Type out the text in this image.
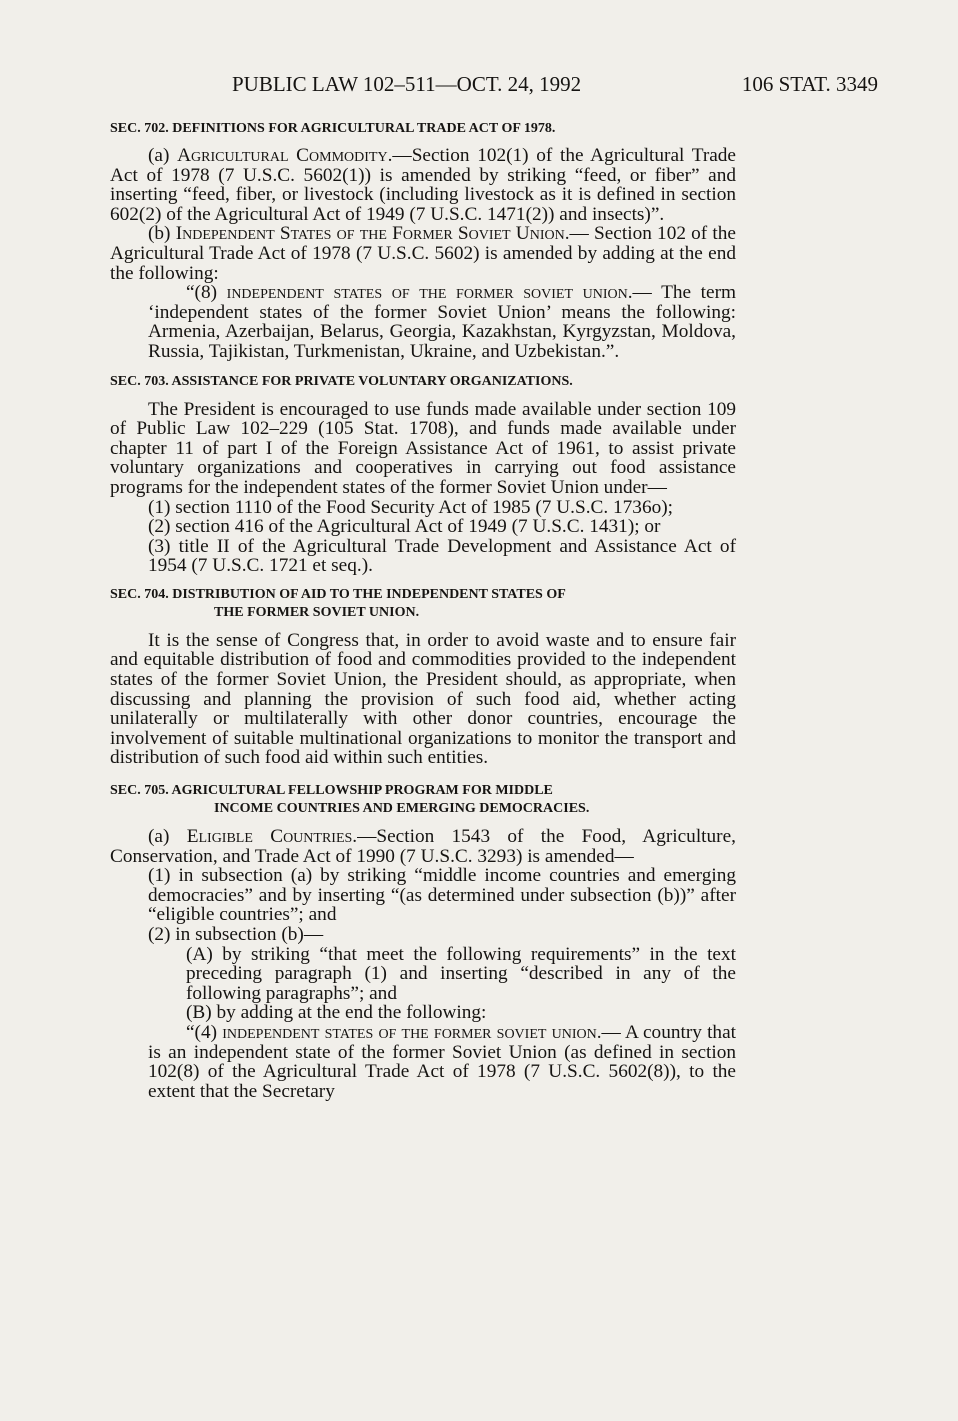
PUBLIC LAW 102–511—OCT. 24, 1992	106 STAT. 3349

SEC. 702. DEFINITIONS FOR AGRICULTURAL TRADE ACT OF 1978.

(a) Agricultural Commodity.—Section 102(1) of the Agricultural Trade Act of 1978 (7 U.S.C. 5602(1)) is amended by striking “feed, or fiber” and inserting “feed, fiber, or livestock (including livestock as it is defined in section 602(2) of the Agricultural Act of 1949 (7 U.S.C. 1471(2)) and insects)”.

(b) Independent States of the Former Soviet Union.— Section 102 of the Agricultural Trade Act of 1978 (7 U.S.C. 5602) is amended by adding at the end the following:

“(8) independent states of the former soviet union.— The term ‘independent states of the former Soviet Union’ means the following: Armenia, Azerbaijan, Belarus, Georgia, Kazakhstan, Kyrgyzstan, Moldova, Russia, Tajikistan, Turkmenistan, Ukraine, and Uzbekistan.”.

SEC. 703. ASSISTANCE FOR PRIVATE VOLUNTARY ORGANIZATIONS.

The President is encouraged to use funds made available under section 109 of Public Law 102–229 (105 Stat. 1708), and funds made available under chapter 11 of part I of the Foreign Assistance Act of 1961, to assist private voluntary organizations and cooperatives in carrying out food assistance programs for the independent states of the former Soviet Union under—

(1) section 1110 of the Food Security Act of 1985 (7 U.S.C. 1736o);

(2) section 416 of the Agricultural Act of 1949 (7 U.S.C. 1431); or

(3) title II of the Agricultural Trade Development and Assistance Act of 1954 (7 U.S.C. 1721 et seq.).

SEC. 704. DISTRIBUTION OF AID TO THE INDEPENDENT STATES OF
THE FORMER SOVIET UNION.

It is the sense of Congress that, in order to avoid waste and to ensure fair and equitable distribution of food and commodities provided to the independent states of the former Soviet Union, the President should, as appropriate, when discussing and planning the provision of such food aid, whether acting unilaterally or multilaterally with other donor countries, encourage the involvement of suitable multinational organizations to monitor the transport and distribution of such food aid within such entities.

SEC. 705. AGRICULTURAL FELLOWSHIP PROGRAM FOR MIDDLE
INCOME COUNTRIES AND EMERGING DEMOCRACIES.

(a) Eligible Countries.—Section 1543 of the Food, Agriculture, Conservation, and Trade Act of 1990 (7 U.S.C. 3293) is amended—

(1) in subsection (a) by striking “middle income countries and emerging democracies” and by inserting “(as determined under subsection (b))” after “eligible countries”; and

(2) in subsection (b)—

(A) by striking “that meet the following requirements” in the text preceding paragraph (1) and inserting “described in any of the following paragraphs”; and

(B) by adding at the end the following:

“(4) independent states of the former soviet union.— A country that is an independent state of the former Soviet Union (as defined in section 102(8) of the Agricultural Trade Act of 1978 (7 U.S.C. 5602(8)), to the extent that the Secretary
